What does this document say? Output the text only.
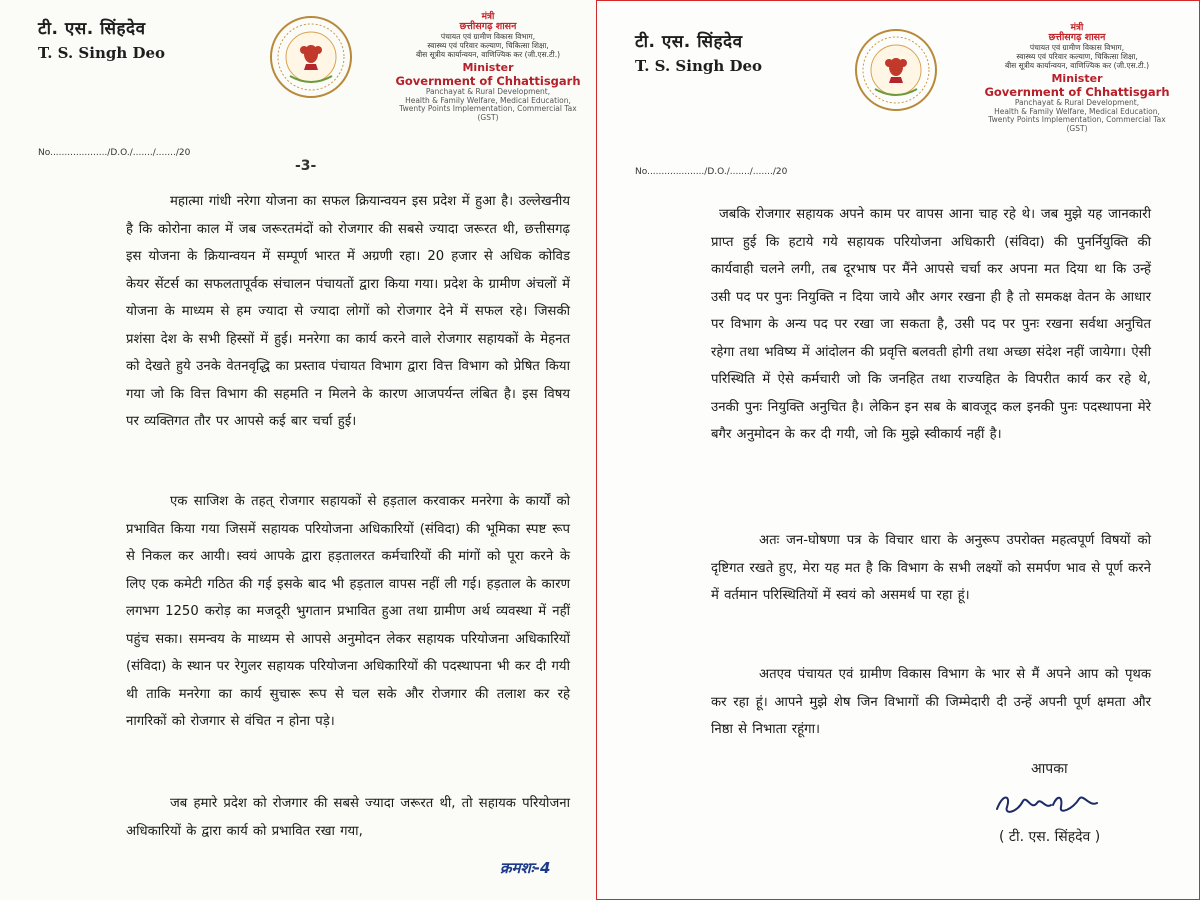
टी. एस. सिंहदेव
T. S. Singh Deo
मंत्री
छत्तीसगढ़ शासन
पंचायत एवं ग्रामीण विकास विभाग,
स्वास्थ्य एवं परिवार कल्याण, चिकित्सा शिक्षा,
बीस सूत्रीय कार्यान्वयन, वाणिज्यिक कर (जी.एस.टी.)
Minister
Government of Chhattisgarh
Panchayat & Rural Development,
Health & Family Welfare, Medical Education,
Twenty Points Implementation, Commercial Tax (GST)
No..................../D.O./......./......./20
-3-

महात्मा गांधी नरेगा योजना का सफल क्रियान्वयन इस प्रदेश में हुआ है। उल्लेखनीय है कि कोरोना काल में जब जरूरतमंदों को रोजगार की सबसे ज्यादा जरूरत थी, छत्तीसगढ़ इस योजना के क्रियान्वयन में सम्पूर्ण भारत में अग्रणी रहा। 20 हजार से अधिक कोविड केयर सेंटर्स का सफलतापूर्वक संचालन पंचायतों द्वारा किया गया। प्रदेश के ग्रामीण अंचलों में योजना के माध्यम से हम ज्यादा से ज्यादा लोगों को रोजगार देने में सफल रहे। जिसकी प्रशंसा देश के सभी हिस्सों में हुई। मनरेगा का कार्य करने वाले रोजगार सहायकों के मेहनत को देखते हुये उनके वेतनवृद्धि का प्रस्ताव पंचायत विभाग द्वारा वित्त विभाग को प्रेषित किया गया जो कि वित्त विभाग की सहमति न मिलने के कारण आजपर्यन्त लंबित है। इस विषय पर व्यक्तिगत तौर पर आपसे कई बार चर्चा हुई।

एक साजिश के तहत् रोजगार सहायकों से हड़ताल करवाकर मनरेगा के कार्यों को प्रभावित किया गया जिसमें सहायक परियोजना अधिकारियों (संविदा) की भूमिका स्पष्ट रूप से निकल कर आयी। स्वयं आपके द्वारा हड़तालरत कर्मचारियों की मांगों को पूरा करने के लिए एक कमेटी गठित की गई इसके बाद भी हड़ताल वापस नहीं ली गई। हड़ताल के कारण लगभग 1250 करोड़ का मजदूरी भुगतान प्रभावित हुआ तथा ग्रामीण अर्थ व्यवस्था में नहीं पहुंच सका। समन्वय के माध्यम से आपसे अनुमोदन लेकर सहायक परियोजना अधिकारियों (संविदा) के स्थान पर रेगुलर सहायक परियोजना अधिकारियों की पदस्थापना भी कर दी गयी थी ताकि मनरेगा का कार्य सुचारू रूप से चल सके और रोजगार की तलाश कर रहे नागरिकों को रोजगार से वंचित न होना पड़े।

जब हमारे प्रदेश को रोजगार की सबसे ज्यादा जरूरत थी, तो सहायक परियोजना अधिकारियों के द्वारा कार्य को प्रभावित रखा गया,

क्रमशः-4
टी. एस. सिंहदेव
T. S. Singh Deo
मंत्री
छत्तीसगढ़ शासन
पंचायत एवं ग्रामीण विकास विभाग,
स्वास्थ्य एवं परिवार कल्याण, चिकित्सा शिक्षा,
बीस सूत्रीय कार्यान्वयन, वाणिज्यिक कर (जी.एस.टी.)
Minister
Government of Chhattisgarh
Panchayat & Rural Development,
Health & Family Welfare, Medical Education,
Twenty Points Implementation, Commercial Tax (GST)
No..................../D.O./......./......./20

जबकि रोजगार सहायक अपने काम पर वापस आना चाह रहे थे। जब मुझे यह जानकारी प्राप्त हुई कि हटाये गये सहायक परियोजना अधिकारी (संविदा) की पुनर्नियुक्ति की कार्यवाही चलने लगी, तब दूरभाष पर मैंने आपसे चर्चा कर अपना मत दिया था कि उन्हें उसी पद पर पुनः नियुक्ति न दिया जाये और अगर रखना ही है तो समकक्ष वेतन के आधार पर विभाग के अन्य पद पर रखा जा सकता है, उसी पद पर पुनः रखना सर्वथा अनुचित रहेगा तथा भविष्य में आंदोलन की प्रवृत्ति बलवती होगी तथा अच्छा संदेश नहीं जायेगा। ऐसी परिस्थिति में ऐसे कर्मचारी जो कि जनहित तथा राज्यहित के विपरीत कार्य कर रहे थे, उनकी पुनः नियुक्ति अनुचित है। लेकिन इन सब के बावजूद कल इनकी पुनः पदस्थापना मेरे बगैर अनुमोदन के कर दी गयी, जो कि मुझे स्वीकार्य नहीं है।

अतः जन-घोषणा पत्र के विचार धारा के अनुरूप उपरोक्त महत्वपूर्ण विषयों को दृष्टिगत रखते हुए, मेरा यह मत है कि विभाग के सभी लक्ष्यों को समर्पण भाव से पूर्ण करने में वर्तमान परिस्थितियों में स्वयं को असमर्थ पा रहा हूं।

अतएव पंचायत एवं ग्रामीण विकास विभाग के भार से मैं अपने आप को पृथक कर रहा हूं। आपने मुझे शेष जिन विभागों की जिम्मेदारी दी उन्हें अपनी पूर्ण क्षमता और निष्ठा से निभाता रहूंगा।

आपका
( टी. एस. सिंहदेव )
